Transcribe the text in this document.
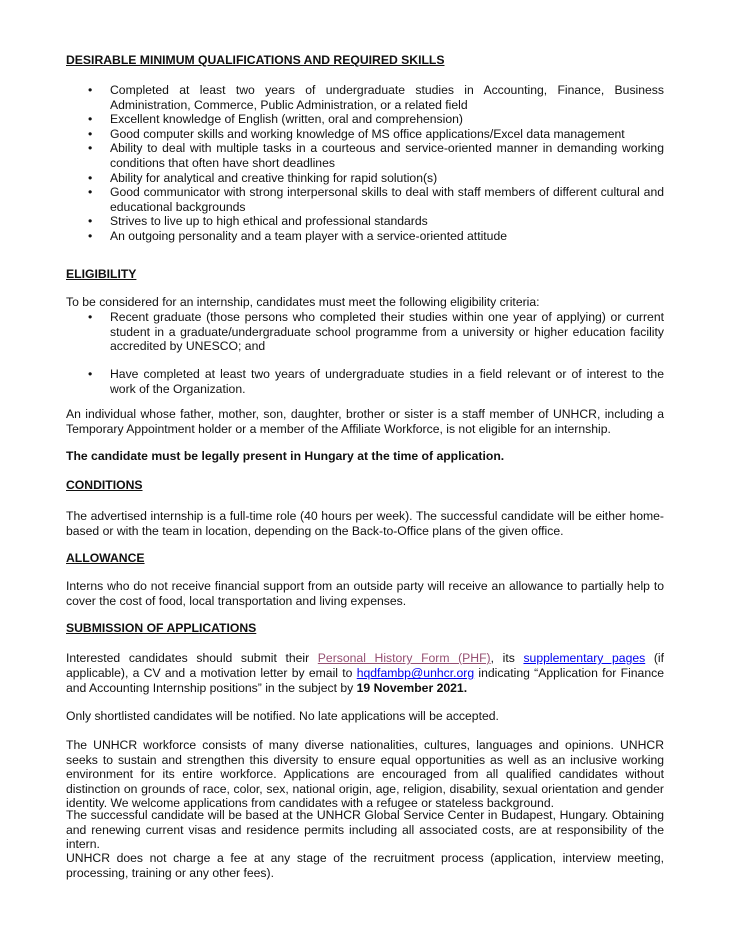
DESIRABLE MINIMUM QUALIFICATIONS AND REQUIRED SKILLS
• Completed at least two years of undergraduate studies in Accounting, Finance, Business Administration, Commerce, Public Administration, or a related field
• Excellent knowledge of English (written, oral and comprehension)
• Good computer skills and working knowledge of MS office applications/Excel data management
• Ability to deal with multiple tasks in a courteous and service-oriented manner in demanding working conditions that often have short deadlines
• Ability for analytical and creative thinking for rapid solution(s)
• Good communicator with strong interpersonal skills to deal with staff members of different cultural and educational backgrounds
• Strives to live up to high ethical and professional standards
• An outgoing personality and a team player with a service-oriented attitude
ELIGIBILITY
To be considered for an internship, candidates must meet the following eligibility criteria:
• Recent graduate (those persons who completed their studies within one year of applying) or current student in a graduate/undergraduate school programme from a university or higher education facility accredited by UNESCO; and
• Have completed at least two years of undergraduate studies in a field relevant or of interest to the work of the Organization.
An individual whose father, mother, son, daughter, brother or sister is a staff member of UNHCR, including a Temporary Appointment holder or a member of the Affiliate Workforce, is not eligible for an internship.
The candidate must be legally present in Hungary at the time of application.
CONDITIONS
The advertised internship is a full-time role (40 hours per week). The successful candidate will be either home-based or with the team in location, depending on the Back-to-Office plans of the given office.
ALLOWANCE
Interns who do not receive financial support from an outside party will receive an allowance to partially help to cover the cost of food, local transportation and living expenses.
SUBMISSION OF APPLICATIONS
Interested candidates should submit their Personal History Form (PHF), its supplementary pages (if applicable), a CV and a motivation letter by email to hqdfambp@unhcr.org indicating “Application for Finance and Accounting Internship positions” in the subject by 19 November 2021.
Only shortlisted candidates will be notified. No late applications will be accepted.
The UNHCR workforce consists of many diverse nationalities, cultures, languages and opinions. UNHCR seeks to sustain and strengthen this diversity to ensure equal opportunities as well as an inclusive working environment for its entire workforce. Applications are encouraged from all qualified candidates without distinction on grounds of race, color, sex, national origin, age, religion, disability, sexual orientation and gender identity. We welcome applications from candidates with a refugee or stateless background.
The successful candidate will be based at the UNHCR Global Service Center in Budapest, Hungary. Obtaining and renewing current visas and residence permits including all associated costs, are at responsibility of the intern.
UNHCR does not charge a fee at any stage of the recruitment process (application, interview meeting, processing, training or any other fees).
